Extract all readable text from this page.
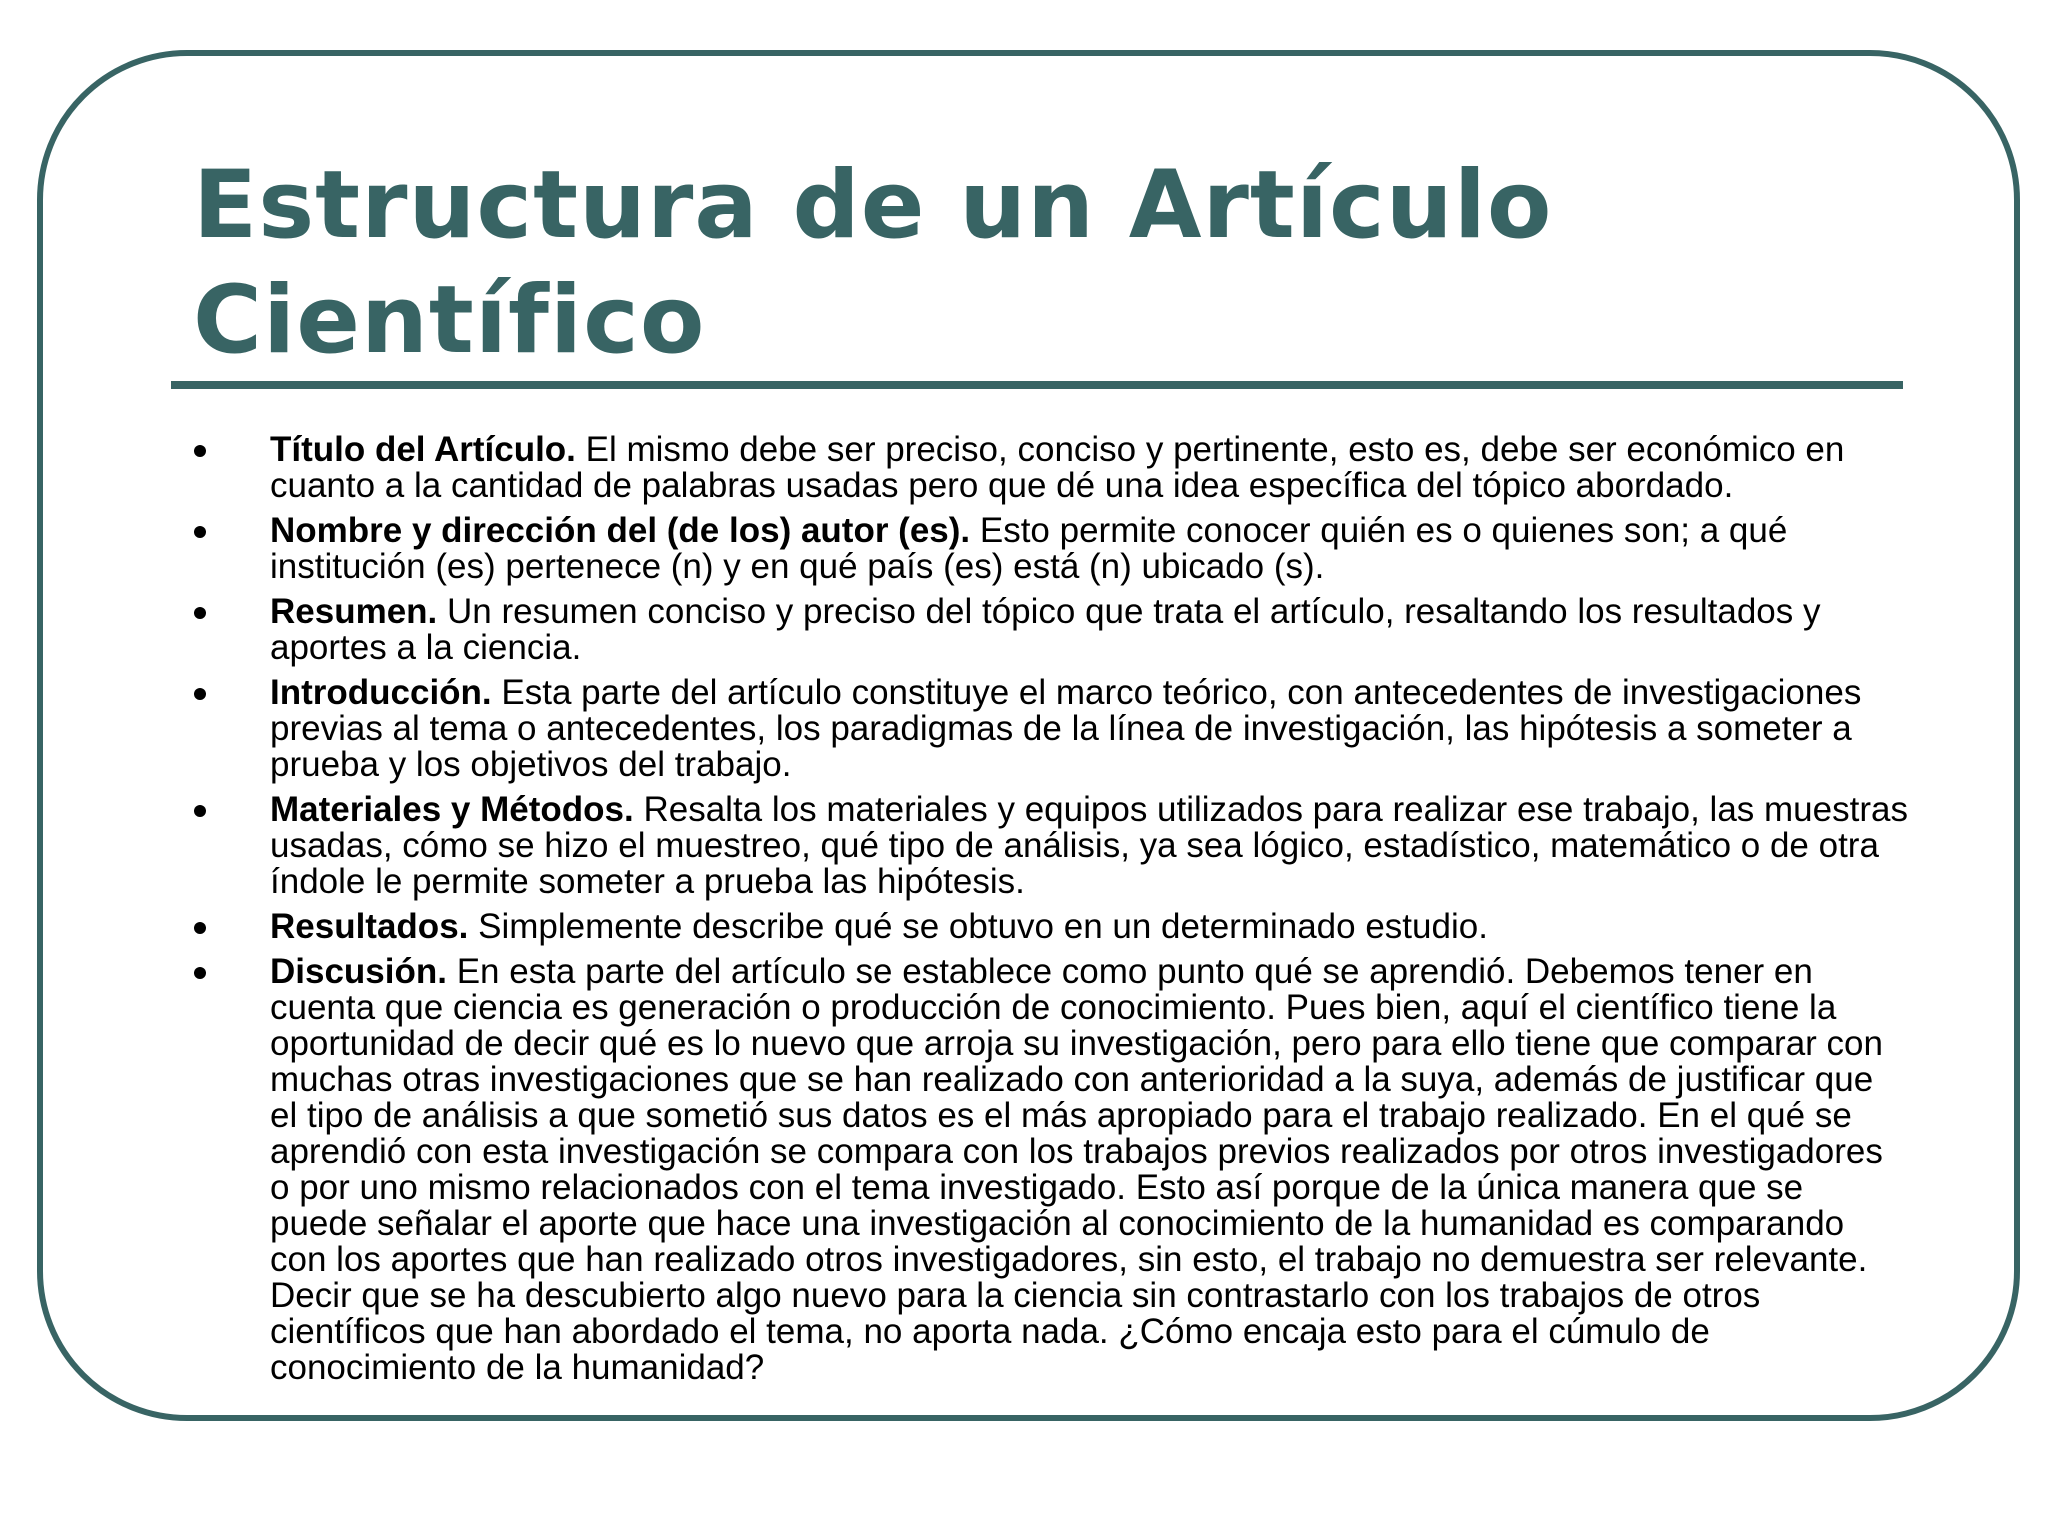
Estructura de un Artículo
Científico
Título del Artículo. El mismo debe ser preciso, conciso y pertinente, esto es, debe ser económico en cuanto a la cantidad de palabras usadas pero que dé una idea específica del tópico abordado.
Nombre y dirección del (de los) autor (es). Esto permite conocer quién es o quienes son; a qué institución (es) pertenece (n) y en qué país (es) está (n) ubicado (s).
Resumen. Un resumen conciso y preciso del tópico que trata el artículo, resaltando los resultados y aportes a la ciencia.
Introducción. Esta parte del artículo constituye el marco teórico, con antecedentes de investigaciones previas al tema o antecedentes, los paradigmas de la línea de investigación, las hipótesis a someter a prueba y los objetivos del trabajo.
Materiales y Métodos. Resalta los materiales y equipos utilizados para realizar ese trabajo, las muestras usadas, cómo se hizo el muestreo, qué tipo de análisis, ya sea lógico, estadístico, matemático o de otra índole le permite someter a prueba las hipótesis.
Resultados. Simplemente describe qué se obtuvo en un determinado estudio.
Discusión. En esta parte del artículo se establece como punto qué se aprendió. Debemos tener en cuenta que ciencia es generación o producción de conocimiento. Pues bien, aquí el científico tiene la oportunidad de decir qué es lo nuevo que arroja su investigación, pero para ello tiene que comparar con muchas otras investigaciones que se han realizado con anterioridad a la suya, además de justificar que el tipo de análisis a que sometió sus datos es el más apropiado para el trabajo realizado. En el qué se aprendió con esta investigación se compara con los trabajos previos realizados por otros investigadores o por uno mismo relacionados con el tema investigado. Esto así porque de la única manera que se puede señalar el aporte que hace una investigación al conocimiento de la humanidad es comparando con los aportes que han realizado otros investigadores, sin esto, el trabajo no demuestra ser relevante. Decir que se ha descubierto algo nuevo para la ciencia sin contrastarlo con los trabajos de otros científicos que han abordado el tema, no aporta nada. ¿Cómo encaja esto para el cúmulo de conocimiento de la humanidad?
